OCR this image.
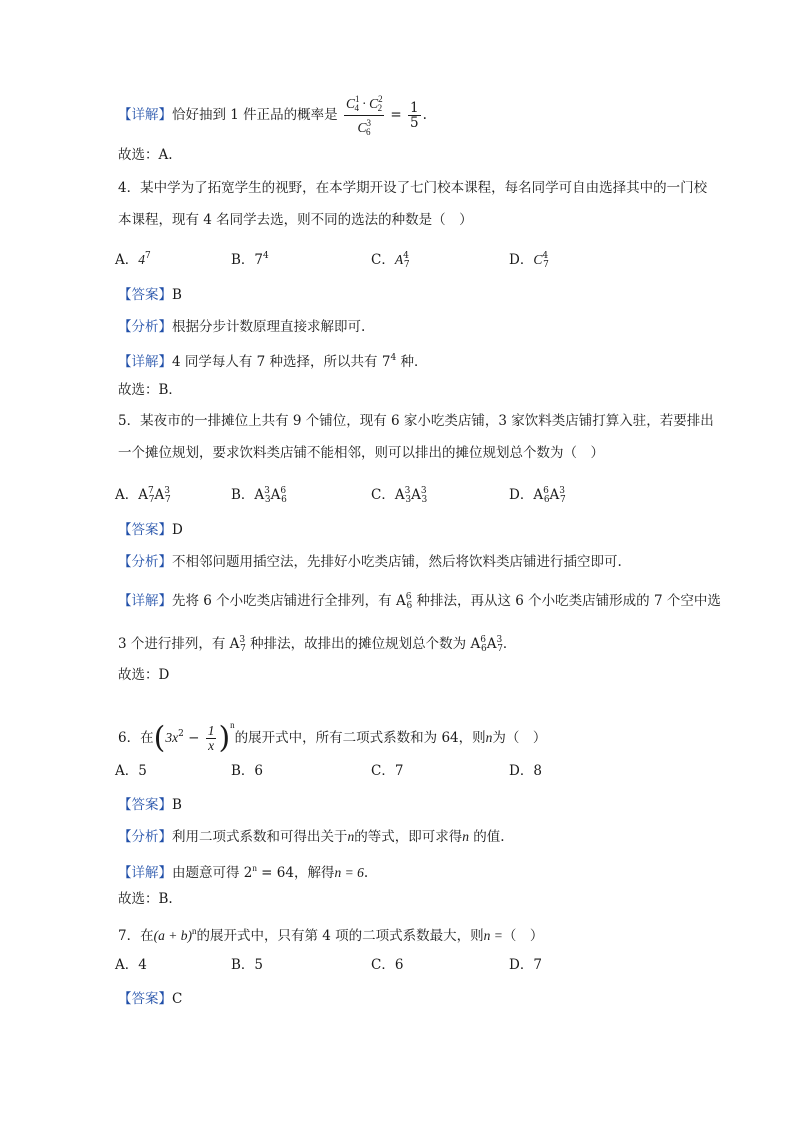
【详解】恰好抽到 1 件正品的概率是 $\frac{C^1_4 \cdot C^2_2}{C^3_6} = \frac{1}{5}$ .
故选：A.
4．某中学为了拓宽学生的视野，在本学期开设了七门校本课程，每名同学可自由选择其中的一门校
本课程，现有 4 名同学去选，则不同的选法的种数是（　）
A．$4^7$	B．$7^4$	C．$A^4_7$	D．$C^4_7$
【答案】B
【分析】根据分步计数原理直接求解即可.
【详解】4 同学每人有 7 种选择，所以共有 $7^4$ 种．
故选：B．
5．某夜市的一排摊位上共有 9 个铺位，现有 6 家小吃类店铺，3 家饮料类店铺打算入驻，若要排出
一个摊位规划，要求饮料类店铺不能相邻，则可以排出的摊位规划总个数为（　）
A．$A^7_7A^3_7$	B．$A^3_3A^6_6$	C．$A^3_3A^3_3$	D．$A^6_6A^3_7$
【答案】D
【分析】不相邻问题用插空法，先排好小吃类店铺，然后将饮料类店铺进行插空即可.
【详解】先将 6 个小吃类店铺进行全排列，有 $A^6_6$ 种排法，再从这 6 个小吃类店铺形成的 7 个空中选
3 个进行排列，有 $A^3_7$ 种排法，故排出的摊位规划总个数为 $A^6_6A^3_7$．
故选：D
6．在$(3x^2 - \frac{1}{x} )^n$的展开式中，所有二项式系数和为 64，则n为（　）
A．5	B．6	C．7	D．8
【答案】B
【分析】利用二项式系数和可得出关于n的等式，即可求得n 的值.
【详解】由题意可得 $2^n = 64$，解得n = 6.
故选：B.
7．在$(a + b)^n$的展开式中，只有第 4 项的二项式系数最大，则n =（　）
A．4	B．5	C．6	D．7
【答案】C
